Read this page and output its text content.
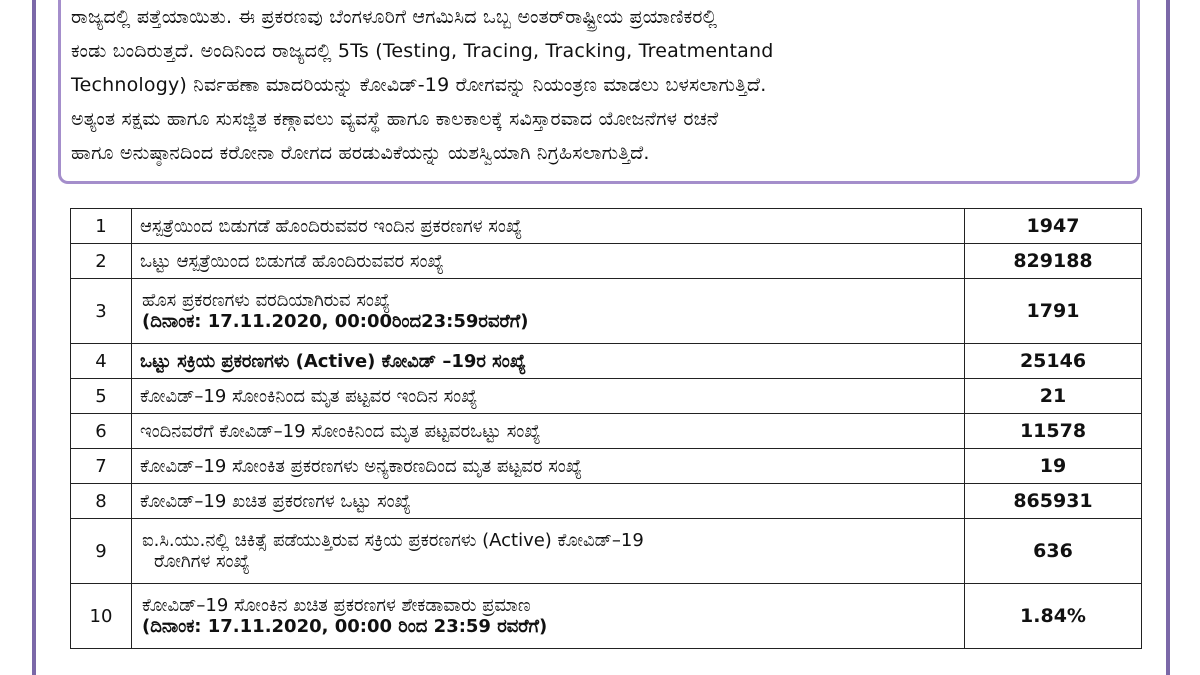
ರಾಜ್ಯದಲ್ಲಿ ಪತ್ತೆಯಾಯಿತು. ಈ ಪ್ರಕರಣವು ಬೆಂಗಳೂರಿಗೆ ಆಗಮಿಸಿದ ಒಬ್ಬ ಅಂತರ್‌ರಾಷ್ಟ್ರೀಯ ಪ್ರಯಾಣಿಕರಲ್ಲಿ

ಕಂಡು ಬಂದಿರುತ್ತದೆ. ಅಂದಿನಿಂದ ರಾಜ್ಯದಲ್ಲಿ 5Ts (Testing, Tracing, Tracking, Treatmentand

Technology) ನಿರ್ವಹಣಾ ಮಾದರಿಯನ್ನು ಕೋವಿಡ್-19 ರೋಗವನ್ನು ನಿಯಂತ್ರಣ ಮಾಡಲು ಬಳಸಲಾಗುತ್ತಿದೆ.

ಅತ್ಯಂತ ಸಕ್ಷಮ ಹಾಗೂ ಸುಸಜ್ಜಿತ ಕಣ್ಗಾವಲು ವ್ಯವಸ್ಥೆ ಹಾಗೂ ಕಾಲಕಾಲಕ್ಕೆ ಸವಿಸ್ತಾರವಾದ ಯೋಜನೆಗಳ ರಚನೆ

ಹಾಗೂ ಅನುಷ್ಠಾನದಿಂದ ಕರೋನಾ ರೋಗದ ಹರಡುವಿಕೆಯನ್ನು ಯಶಸ್ವಿಯಾಗಿ ನಿಗ್ರಹಿಸಲಾಗುತ್ತಿದೆ.

1	ಆಸ್ಪತ್ರೆಯಿಂದ ಬಿಡುಗಡೆ ಹೊಂದಿರುವವರ ಇಂದಿನ ಪ್ರಕರಣಗಳ ಸಂಖ್ಯೆ	1947
2	ಒಟ್ಟು ಆಸ್ಪತ್ರೆಯಿಂದ ಬಿಡುಗಡೆ ಹೊಂದಿರುವವರ ಸಂಖ್ಯೆ	829188
3	ಹೊಸ ಪ್ರಕರಣಗಳು ವರದಿಯಾಗಿರುವ ಸಂಖ್ಯೆ
(ದಿನಾಂಕ: 17.11.2020, 00:00ರಿಂದ23:59ರವರೆಗೆ)	1791
4	ಒಟ್ಟು ಸಕ್ರಿಯ ಪ್ರಕರಣಗಳು (Active) ಕೋವಿಡ್ –19ರ ಸಂಖ್ಯೆ	25146
5	ಕೋವಿಡ್–19 ಸೋಂಕಿನಿಂದ ಮೃತ ಪಟ್ಟವರ ಇಂದಿನ ಸಂಖ್ಯೆ	21
6	ಇಂದಿನವರೆಗೆ ಕೋವಿಡ್–19 ಸೋಂಕಿನಿಂದ ಮೃತ ಪಟ್ಟವರಒಟ್ಟು ಸಂಖ್ಯೆ	11578
7	ಕೋವಿಡ್–19 ಸೋಂಕಿತ ಪ್ರಕರಣಗಳು ಅನ್ಯಕಾರಣದಿಂದ ಮೃತ ಪಟ್ಟವರ ಸಂಖ್ಯೆ	19
8	ಕೋವಿಡ್–19 ಖಚಿತ ಪ್ರಕರಣಗಳ ಒಟ್ಟು ಸಂಖ್ಯೆ	865931
9	ಐ.ಸಿ.ಯು.ನಲ್ಲಿ ಚಿಕಿತ್ಸೆ ಪಡೆಯುತ್ತಿರುವ ಸಕ್ರಿಯ ಪ್ರಕರಣಗಳು (Active) ಕೋವಿಡ್–19
ರೋಗಿಗಳ ಸಂಖ್ಯೆ	636
10	ಕೋವಿಡ್–19 ಸೋಂಕಿನ ಖಚಿತ ಪ್ರಕರಣಗಳ ಶೇಕಡಾವಾರು ಪ್ರಮಾಣ
(ದಿನಾಂಕ: 17.11.2020, 00:00 ರಿಂದ 23:59 ರವರೆಗೆ)	1.84%
